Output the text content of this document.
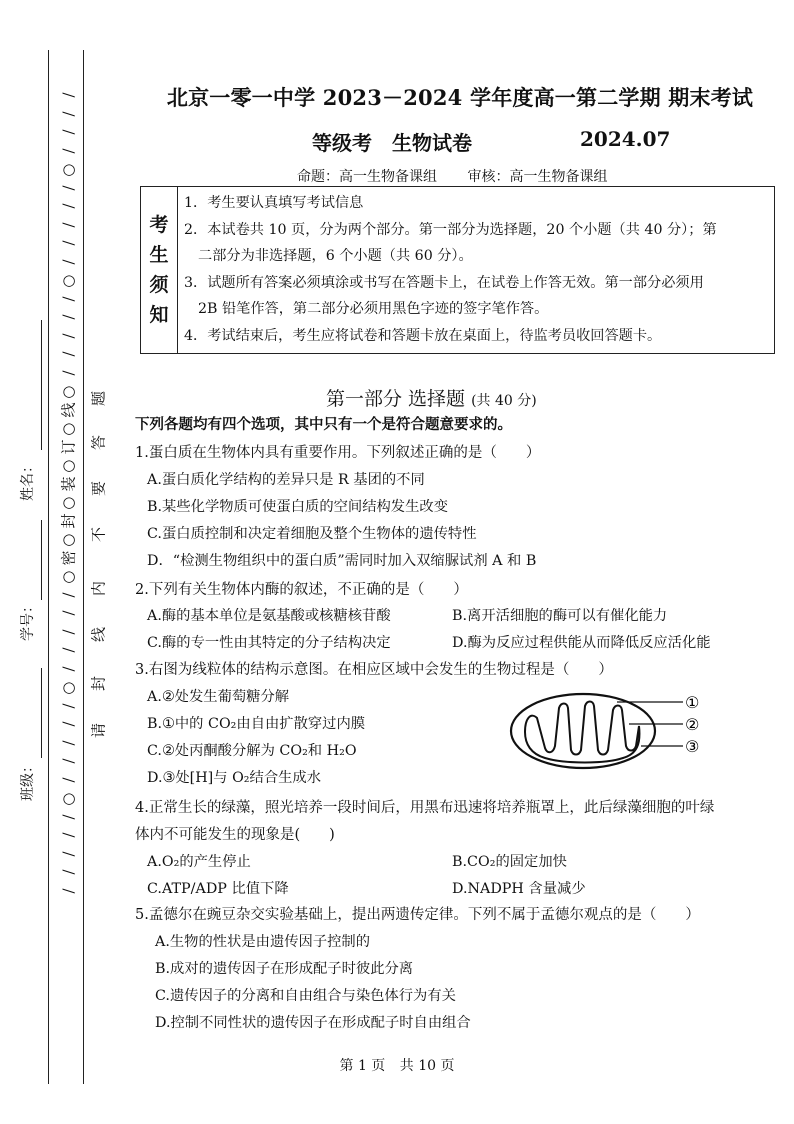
/
/
/
/
○
/
/
/
/
/
○
/
/
/
/
/
○
线
○
订
○
装
○
封
○
密
○
/
/
/
/
/
○
/
/
/
/
/
○
/
/
/
/
/
题
答
要
不
内
线
封
请
姓名：
学号：
班级：
北京一零一中学 2023－2024 学年度高一第二学期 期末考试
等级考　生物试卷	2024.07
命题：高一生物备课组 审核：高一生物备课组
考
生
须
知
1．考生要认真填写考试信息
2．本试卷共 10 页，分为两个部分。第一部分为选择题，20 个小题（共 40 分）；第
二部分为非选择题，6 个小题（共 60 分）。
3．试题所有答案必须填涂或书写在答题卡上，在试卷上作答无效。第一部分必须用
2B 铅笔作答，第二部分必须用黑色字迹的签字笔作答。
4．考试结束后，考生应将试卷和答题卡放在桌面上，待监考员收回答题卡。
第一部分 选择题 (共 40 分)
下列各题均有四个选项，其中只有一个是符合题意要求的。
1.蛋白质在生物体内具有重要作用。下列叙述正确的是（　　）
A.蛋白质化学结构的差异只是 R 基团的不同
B.某些化学物质可使蛋白质的空间结构发生改变
C.蛋白质控制和决定着细胞及整个生物体的遗传特性
D．“检测生物组织中的蛋白质”需同时加入双缩脲试剂 A 和 B
2.下列有关生物体内酶的叙述，不正确的是（　　）
A.酶的基本单位是氨基酸或核糖核苷酸	B.离开活细胞的酶可以有催化能力
C.酶的专一性由其特定的分子结构决定	D.酶为反应过程供能从而降低反应活化能
3.右图为线粒体的结构示意图。在相应区域中会发生的生物过程是（　　）
A.②处发生葡萄糖分解
B.①中的 CO₂由自由扩散穿过内膜
C.②处丙酮酸分解为 CO₂和 H₂O
D.③处[H]与 O₂结合生成水
①
②
③
4.正常生长的绿藻，照光培养一段时间后，用黑布迅速将培养瓶罩上，此后绿藻细胞的叶绿
体内不可能发生的现象是(　　)
A.O₂的产生停止	B.CO₂的固定加快
C.ATP/ADP 比值下降	D.NADPH 含量减少
5.孟德尔在豌豆杂交实验基础上，提出两遗传定律。下列不属于孟德尔观点的是（　　）
A.生物的性状是由遗传因子控制的
B.成对的遗传因子在形成配子时彼此分离
C.遗传因子的分离和自由组合与染色体行为有关
D.控制不同性状的遗传因子在形成配子时自由组合
第 1 页 共 10 页
